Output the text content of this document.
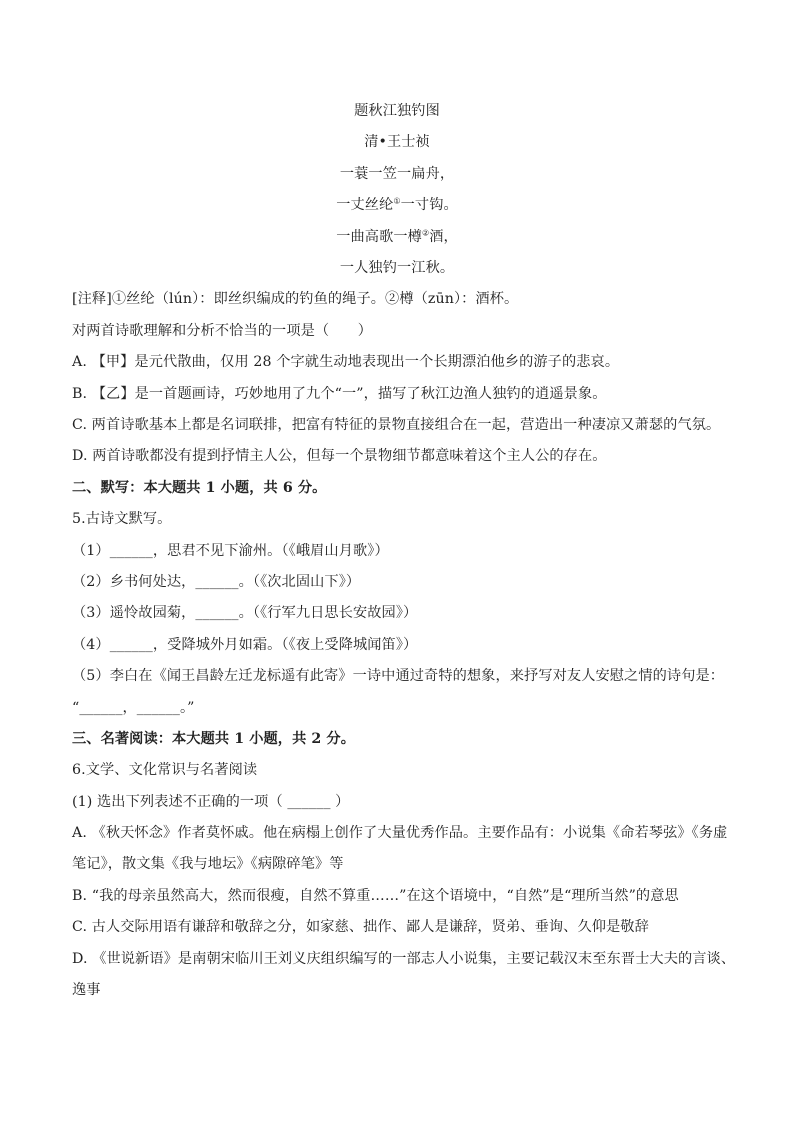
题秋江独钓图
清•王士祯
一蓑一笠一扁舟，
一丈丝纶①一寸钩。
一曲高歌一樽②酒，
一人独钓一江秋。
[注释]①丝纶（lún）：即丝织编成的钓鱼的绳子。②樽（zūn）：酒杯。
对两首诗歌理解和分析不恰当的一项是（　　）
A. 【甲】是元代散曲，仅用 28 个字就生动地表现出一个长期漂泊他乡的游子的悲哀。
B. 【乙】是一首题画诗，巧妙地用了九个“一”，描写了秋江边渔人独钓的逍遥景象。
C. 两首诗歌基本上都是名词联排，把富有特征的景物直接组合在一起，营造出一种凄凉又萧瑟的气氛。
D. 两首诗歌都没有提到抒情主人公，但每一个景物细节都意味着这个主人公的存在。
二、默写：本大题共 1 小题，共 6 分。
5.古诗文默写。
（1）______，思君不见下渝州。（《峨眉山月歌》）
（2）乡书何处达，______。（《次北固山下》）
（3）遥怜故园菊，______。（《行军九日思长安故园》）
（4）______，受降城外月如霜。（《夜上受降城闻笛》）
（5）李白在《闻王昌龄左迁龙标遥有此寄》一诗中通过奇特的想象，来抒写对友人安慰之情的诗句是：
“______，______。”
三、名著阅读：本大题共 1 小题，共 2 分。
6.文学、文化常识与名著阅读
(1) 选出下列表述不正确的一项（ ______ ）
A. 《秋天怀念》作者莫怀戚。他在病榻上创作了大量优秀作品。主要作品有：小说集《命若琴弦》《务虚
笔记》，散文集《我与地坛》《病隙碎笔》等
B. “我的母亲虽然高大，然而很瘦，自然不算重……”在这个语境中，“自然”是“理所当然”的意思
C. 古人交际用语有谦辞和敬辞之分，如家慈、拙作、鄙人是谦辞，贤弟、垂询、久仰是敬辞
D. 《世说新语》是南朝宋临川王刘义庆组织编写的一部志人小说集，主要记载汉末至东晋士大夫的言谈、
逸事
